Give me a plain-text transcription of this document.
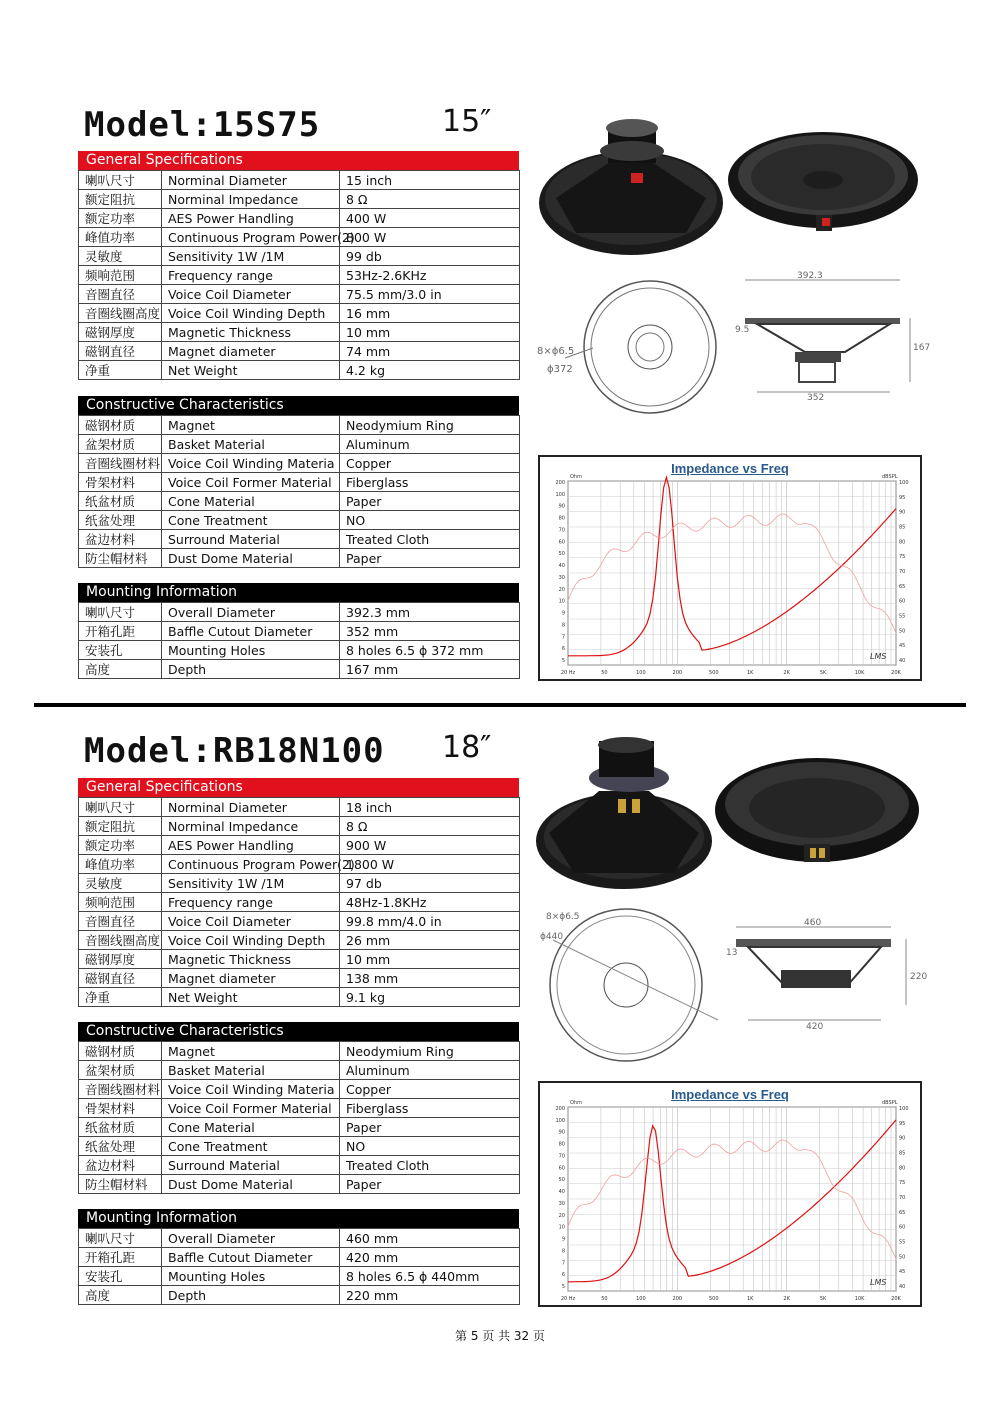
Model:15S75	15″
General Specifications
喇叭尺寸	Norminal Diameter	15 inch
额定阻抗	Norminal Impedance	8 Ω
额定功率	AES Power Handling	400 W
峰值功率	Continuous Program Power(2)	800 W
灵敏度	Sensitivity 1W /1M	99 db
频响范围	Frequency range	53Hz-2.6KHz
音圈直径	Voice Coil Diameter	75.5 mm/3.0 in
音圈线圈高度	Voice Coil Winding Depth	16 mm
磁钢厚度	Magnetic Thickness	10 mm
磁钢直径	Magnet diameter	74 mm
净重	Net Weight	4.2 kg
Constructive Characteristics
磁钢材质	Magnet	Neodymium Ring
盆架材质	Basket Material	Aluminum
音圈线圈材料	Voice Coil Winding Materia	Copper
骨架材料	Voice Coil Former Material	Fiberglass
纸盆材质	Cone Material	Paper
纸盆处理	Cone Treatment	NO
盆边材料	Surround Material	Treated Cloth
防尘帽材料	Dust Dome Material	Paper
Mounting Information
喇叭尺寸	Overall Diameter	392.3 mm
开箱孔距	Baffle Cutout Diameter	352 mm
安装孔	Mounting Holes	8 holes 6.5 ϕ 372 mm
高度	Depth	167 mm
8×ϕ6.5
ϕ372
392.3
9.5
167
352
Impedance vs Freq
20 Hz	50	100	200	500	1K	2K	5K	10K	20K
200
100
90
80
70
60
50
40
30
20
10
9
8
7
6
5
100
95
90
85
80
75
70
65
60
55
50
45
40
Ohm	dBSPL
LMS
Model:RB18N100 18″
General Specifications
喇叭尺寸	Norminal Diameter	18 inch
额定阻抗	Norminal Impedance	8 Ω
额定功率	AES Power Handling	900 W
峰值功率	Continuous Program Power(2)	1800 W
灵敏度	Sensitivity 1W /1M	97 db
频响范围	Frequency range	48Hz-1.8KHz
音圈直径	Voice Coil Diameter	99.8 mm/4.0 in
音圈线圈高度	Voice Coil Winding Depth	26 mm
磁钢厚度	Magnetic Thickness	10 mm
磁钢直径	Magnet diameter	138 mm
净重	Net Weight	9.1 kg
Constructive Characteristics
磁钢材质	Magnet	Neodymium Ring
盆架材质	Basket Material	Aluminum
音圈线圈材料	Voice Coil Winding Materia	Copper
骨架材料	Voice Coil Former Material	Fiberglass
纸盆材质	Cone Material	Paper
纸盆处理	Cone Treatment	NO
盆边材料	Surround Material	Treated Cloth
防尘帽材料	Dust Dome Material	Paper
Mounting Information
喇叭尺寸	Overall Diameter	460 mm
开箱孔距	Baffle Cutout Diameter	420 mm
安装孔	Mounting Holes	8 holes 6.5 ϕ 440mm
高度	Depth	220 mm
8×ϕ6.5
ϕ440
460
13
220
420
Impedance vs Freq
20 Hz	50	100	200	500	1K	2K	5K	10K	20K
200
100
90
80
70
60
50
40
30
20
10
9
8
7
6
5
100
95
90
85
80
75
70
65
60
55
50
45
40
Ohm	dBSPL
LMS
第 5 页 共 32 页
